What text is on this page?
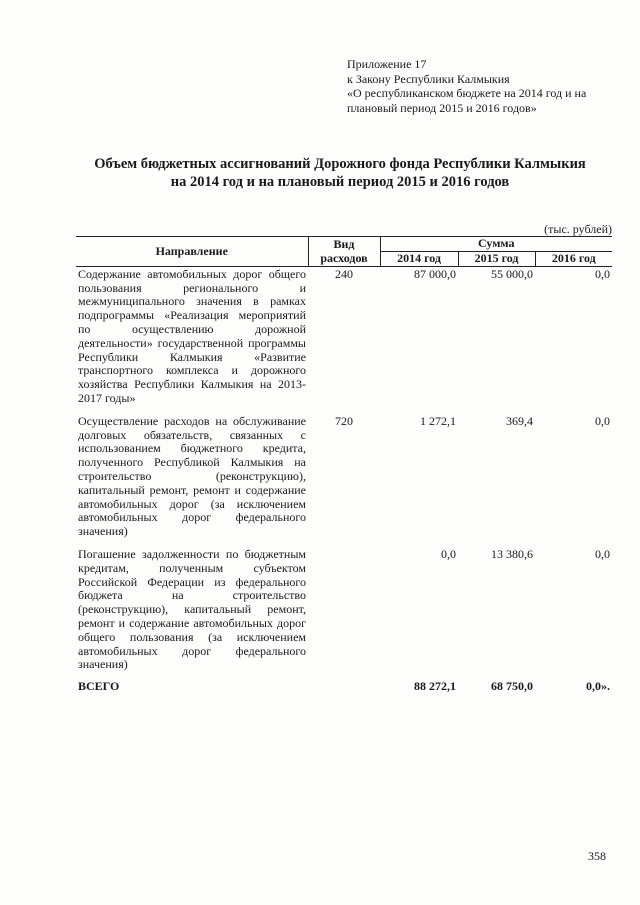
Приложение 17
к Закону Республики Калмыкия
«О республиканском бюджете на 2014 год и на
плановый период 2015 и 2016 годов»
Объем бюджетных ассигнований Дорожного фонда Республики Калмыкия
на 2014 год и на плановый период 2015 и 2016 годов
(тыс. рублей)
Направление	Вид расходов	Сумма		
		2014 год	2015 год	2016 год
Содержание автомобильных дорог общего пользования регионального и межмуниципального значения в рамках подпрограммы «Реализация мероприятий по осуществлению дорожной деятельности» государственной программы Республики Калмыкия «Развитие транспортного комплекса и дорожного хозяйства Республики Калмыкия на 2013-2017 годы»	240	87 000,0	55 000,0	0,0
Осуществление расходов на обслуживание долговых обязательств, связанных с использованием бюджетного кредита, полученного Республикой Калмыкия на строительство (реконструкцию), капитальный ремонт, ремонт и содержание автомобильных дорог (за исключением автомобильных дорог федерального значения)	720	1 272,1	369,4	0,0
Погашение задолженности по бюджетным кредитам, полученным субъектом Российской Федерации из федерального бюджета на строительство (реконструкцию), капитальный ремонт, ремонт и содержание автомобильных дорог общего пользования (за исключением автомобильных дорог федерального значения)		0,0	13 380,6	0,0
ВСЕГО		88 272,1	68 750,0	0,0».
358
